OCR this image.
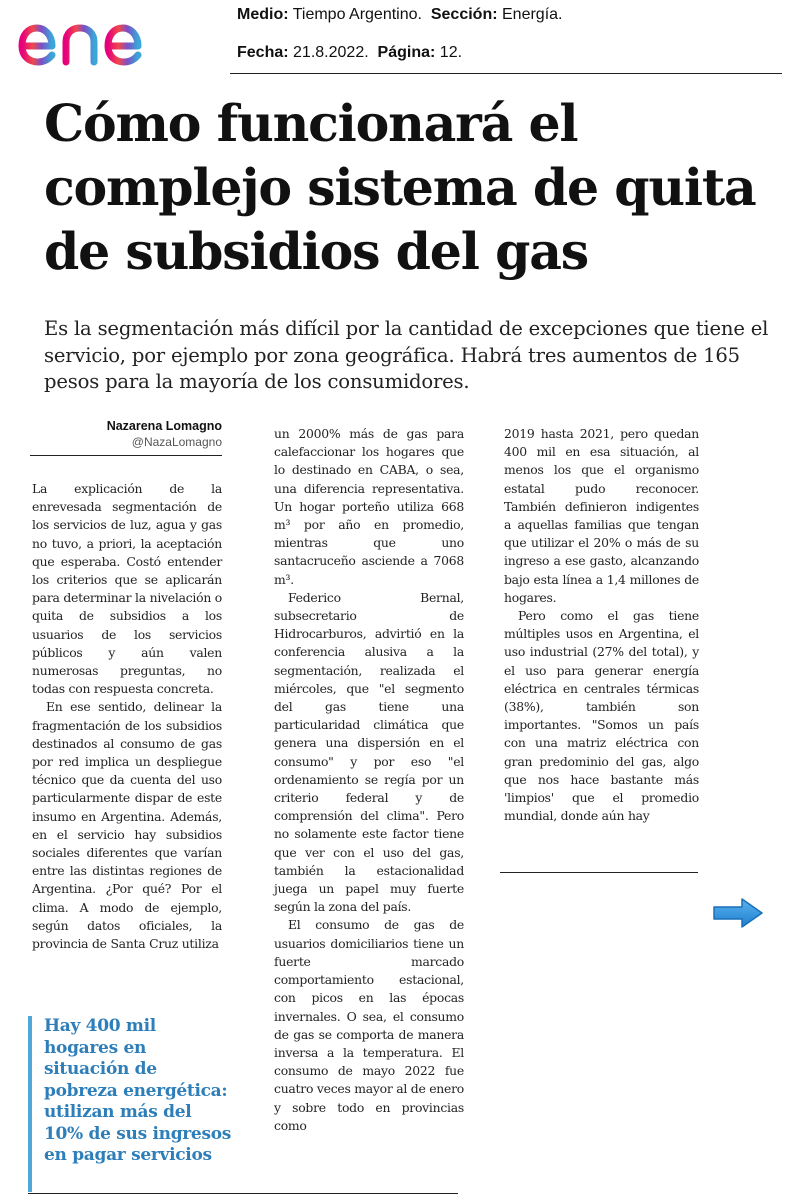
Medio: Tiempo Argentino. Sección: Energía.
Fecha: 21.8.2022. Página: 12.
Cómo funcionará el complejo sistema de quita de subsidios del gas

Es la segmentación más difícil por la cantidad de excepciones que tiene el servicio, por ejemplo por zona geográfica. Habrá tres aumentos de 165 pesos para la mayoría de los consumidores.

Nazarena Lomagno
@NazaLomagno

La explicación de la enrevesada segmentación de los servicios de luz, agua y gas no tuvo, a priori, la aceptación que esperaba. Costó entender los criterios que se aplicarán para determinar la nivelación o quita de subsidios a los usuarios de los servicios públicos y aún valen numerosas preguntas, no todas con respuesta concreta.

En ese sentido, delinear la fragmentación de los subsidios destinados al consumo de gas por red implica un despliegue técnico que da cuenta del uso particularmente dispar de este insumo en Argentina. Además, en el servicio hay subsidios sociales diferentes que varían entre las distintas regiones de Argentina. ¿Por qué? Por el clima. A modo de ejemplo, según datos oficiales, la provincia de Santa Cruz utiliza

un 2000% más de gas para calefaccionar los hogares que lo destinado en CABA, o sea, una diferencia representativa. Un hogar porteño utiliza 668 m³ por año en promedio, mientras que uno santacruceño asciende a 7068 m³.

Federico Bernal, subsecretario de Hidrocarburos, advirtió en la conferencia alusiva a la segmentación, realizada el miércoles, que "el segmento del gas tiene una particularidad climática que genera una dispersión en el consumo" y por eso "el ordenamiento se regía por un criterio federal y de comprensión del clima". Pero no solamente este factor tiene que ver con el uso del gas, también la estacionalidad juega un papel muy fuerte según la zona del país.

El consumo de gas de usuarios domiciliarios tiene un fuerte marcado comportamiento estacional, con picos en las épocas invernales. O sea, el consumo de gas se comporta de manera inversa a la temperatura. El consumo de mayo 2022 fue cuatro veces mayor al de enero y sobre todo en provincias como

2019 hasta 2021, pero quedan 400 mil en esa situación, al menos los que el organismo estatal pudo reconocer. También definieron indigentes a aquellas familias que tengan que utilizar el 20% o más de su ingreso a ese gasto, alcanzando bajo esta línea a 1,4 millones de hogares.

Pero como el gas tiene múltiples usos en Argentina, el uso industrial (27% del total), y el uso para generar energía eléctrica en centrales térmicas (38%), también son importantes. "Somos un país con una matriz eléctrica con gran predominio del gas, algo que nos hace bastante más 'limpios' que el promedio mundial, donde aún hay

Hay 400 mil hogares en situación de pobreza energética: utilizan más del 10% de sus ingresos en pagar servicios
